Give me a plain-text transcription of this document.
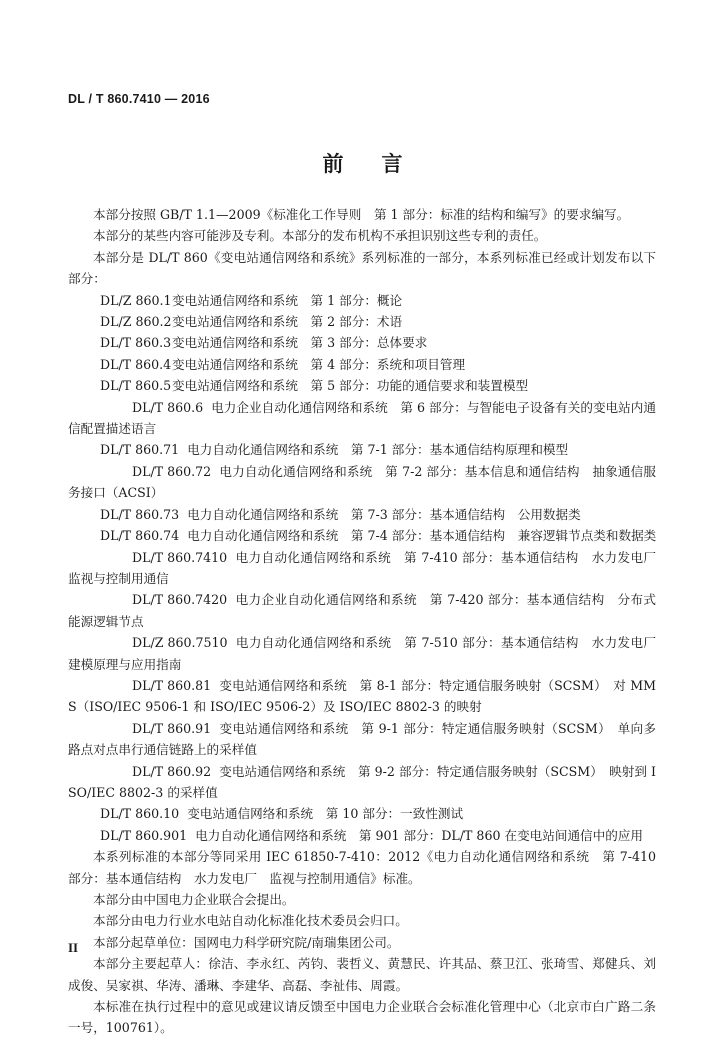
DL / T 860.7410 — 2016
前言

本部分按照 GB/T 1.1—2009《标准化工作导则　第 1 部分：标准的结构和编写》的要求编写。

本部分的某些内容可能涉及专利。本部分的发布机构不承担识别这些专利的责任。

本部分是 DL/T 860《变电站通信网络和系统》系列标准的一部分，本系列标准已经或计划发布以下部分：

DL/Z 860.1变电站通信网络和系统　第 1 部分：概论
DL/Z 860.2变电站通信网络和系统　第 2 部分：术语
DL/T 860.3变电站通信网络和系统　第 3 部分：总体要求
DL/T 860.4变电站通信网络和系统　第 4 部分：系统和项目管理
DL/T 860.5变电站通信网络和系统　第 5 部分：功能的通信要求和装置模型
DL/T 860.6 电力企业自动化通信网络和系统　第 6 部分：与智能电子设备有关的变电站内通信配置描述语言
DL/T 860.71 电力自动化通信网络和系统　第 7-1 部分：基本通信结构原理和模型
DL/T 860.72 电力自动化通信网络和系统　第 7-2 部分：基本信息和通信结构　抽象通信服务接口（ACSI）
DL/T 860.73 电力自动化通信网络和系统　第 7-3 部分：基本通信结构　公用数据类
DL/T 860.74 电力自动化通信网络和系统　第 7-4 部分：基本通信结构　兼容逻辑节点类和数据类
DL/T 860.7410 电力自动化通信网络和系统　第 7-410 部分：基本通信结构　水力发电厂监视与控制用通信
DL/T 860.7420 电力企业自动化通信网络和系统　第 7-420 部分：基本通信结构　分布式能源逻辑节点
DL/Z 860.7510 电力自动化通信网络和系统　第 7-510 部分：基本通信结构　水力发电厂　建模原理与应用指南
DL/T 860.81 变电站通信网络和系统　第 8-1 部分：特定通信服务映射（SCSM）　对 MMS（ISO/IEC 9506-1 和 ISO/IEC 9506-2）及 ISO/IEC 8802-3 的映射
DL/T 860.91 变电站通信网络和系统　第 9-1 部分：特定通信服务映射（SCSM）　单向多路点对点串行通信链路上的采样值
DL/T 860.92 变电站通信网络和系统　第 9-2 部分：特定通信服务映射（SCSM）　映射到 ISO/IEC 8802-3 的采样值
DL/T 860.10 变电站通信网络和系统　第 10 部分：一致性测试
DL/T 860.901 电力自动化通信网络和系统　第 901 部分：DL/T 860 在变电站间通信中的应用

本系列标准的本部分等同采用 IEC 61850-7-410：2012《电力自动化通信网络和系统　第 7-410 部分：基本通信结构　水力发电厂　监视与控制用通信》标准。

本部分由中国电力企业联合会提出。

本部分由电力行业水电站自动化标准化技术委员会归口。

本部分起草单位：国网电力科学研究院/南瑞集团公司。

本部分主要起草人：徐洁、李永红、芮钧、裴哲义、黄慧民、许其品、蔡卫江、张琦雪、郑健兵、刘成俊、吴家祺、华涛、潘琳、李建华、高磊、李祉伟、周霞。

本标准在执行过程中的意见或建议请反馈至中国电力企业联合会标准化管理中心（北京市白广路二条一号，100761）。

II
